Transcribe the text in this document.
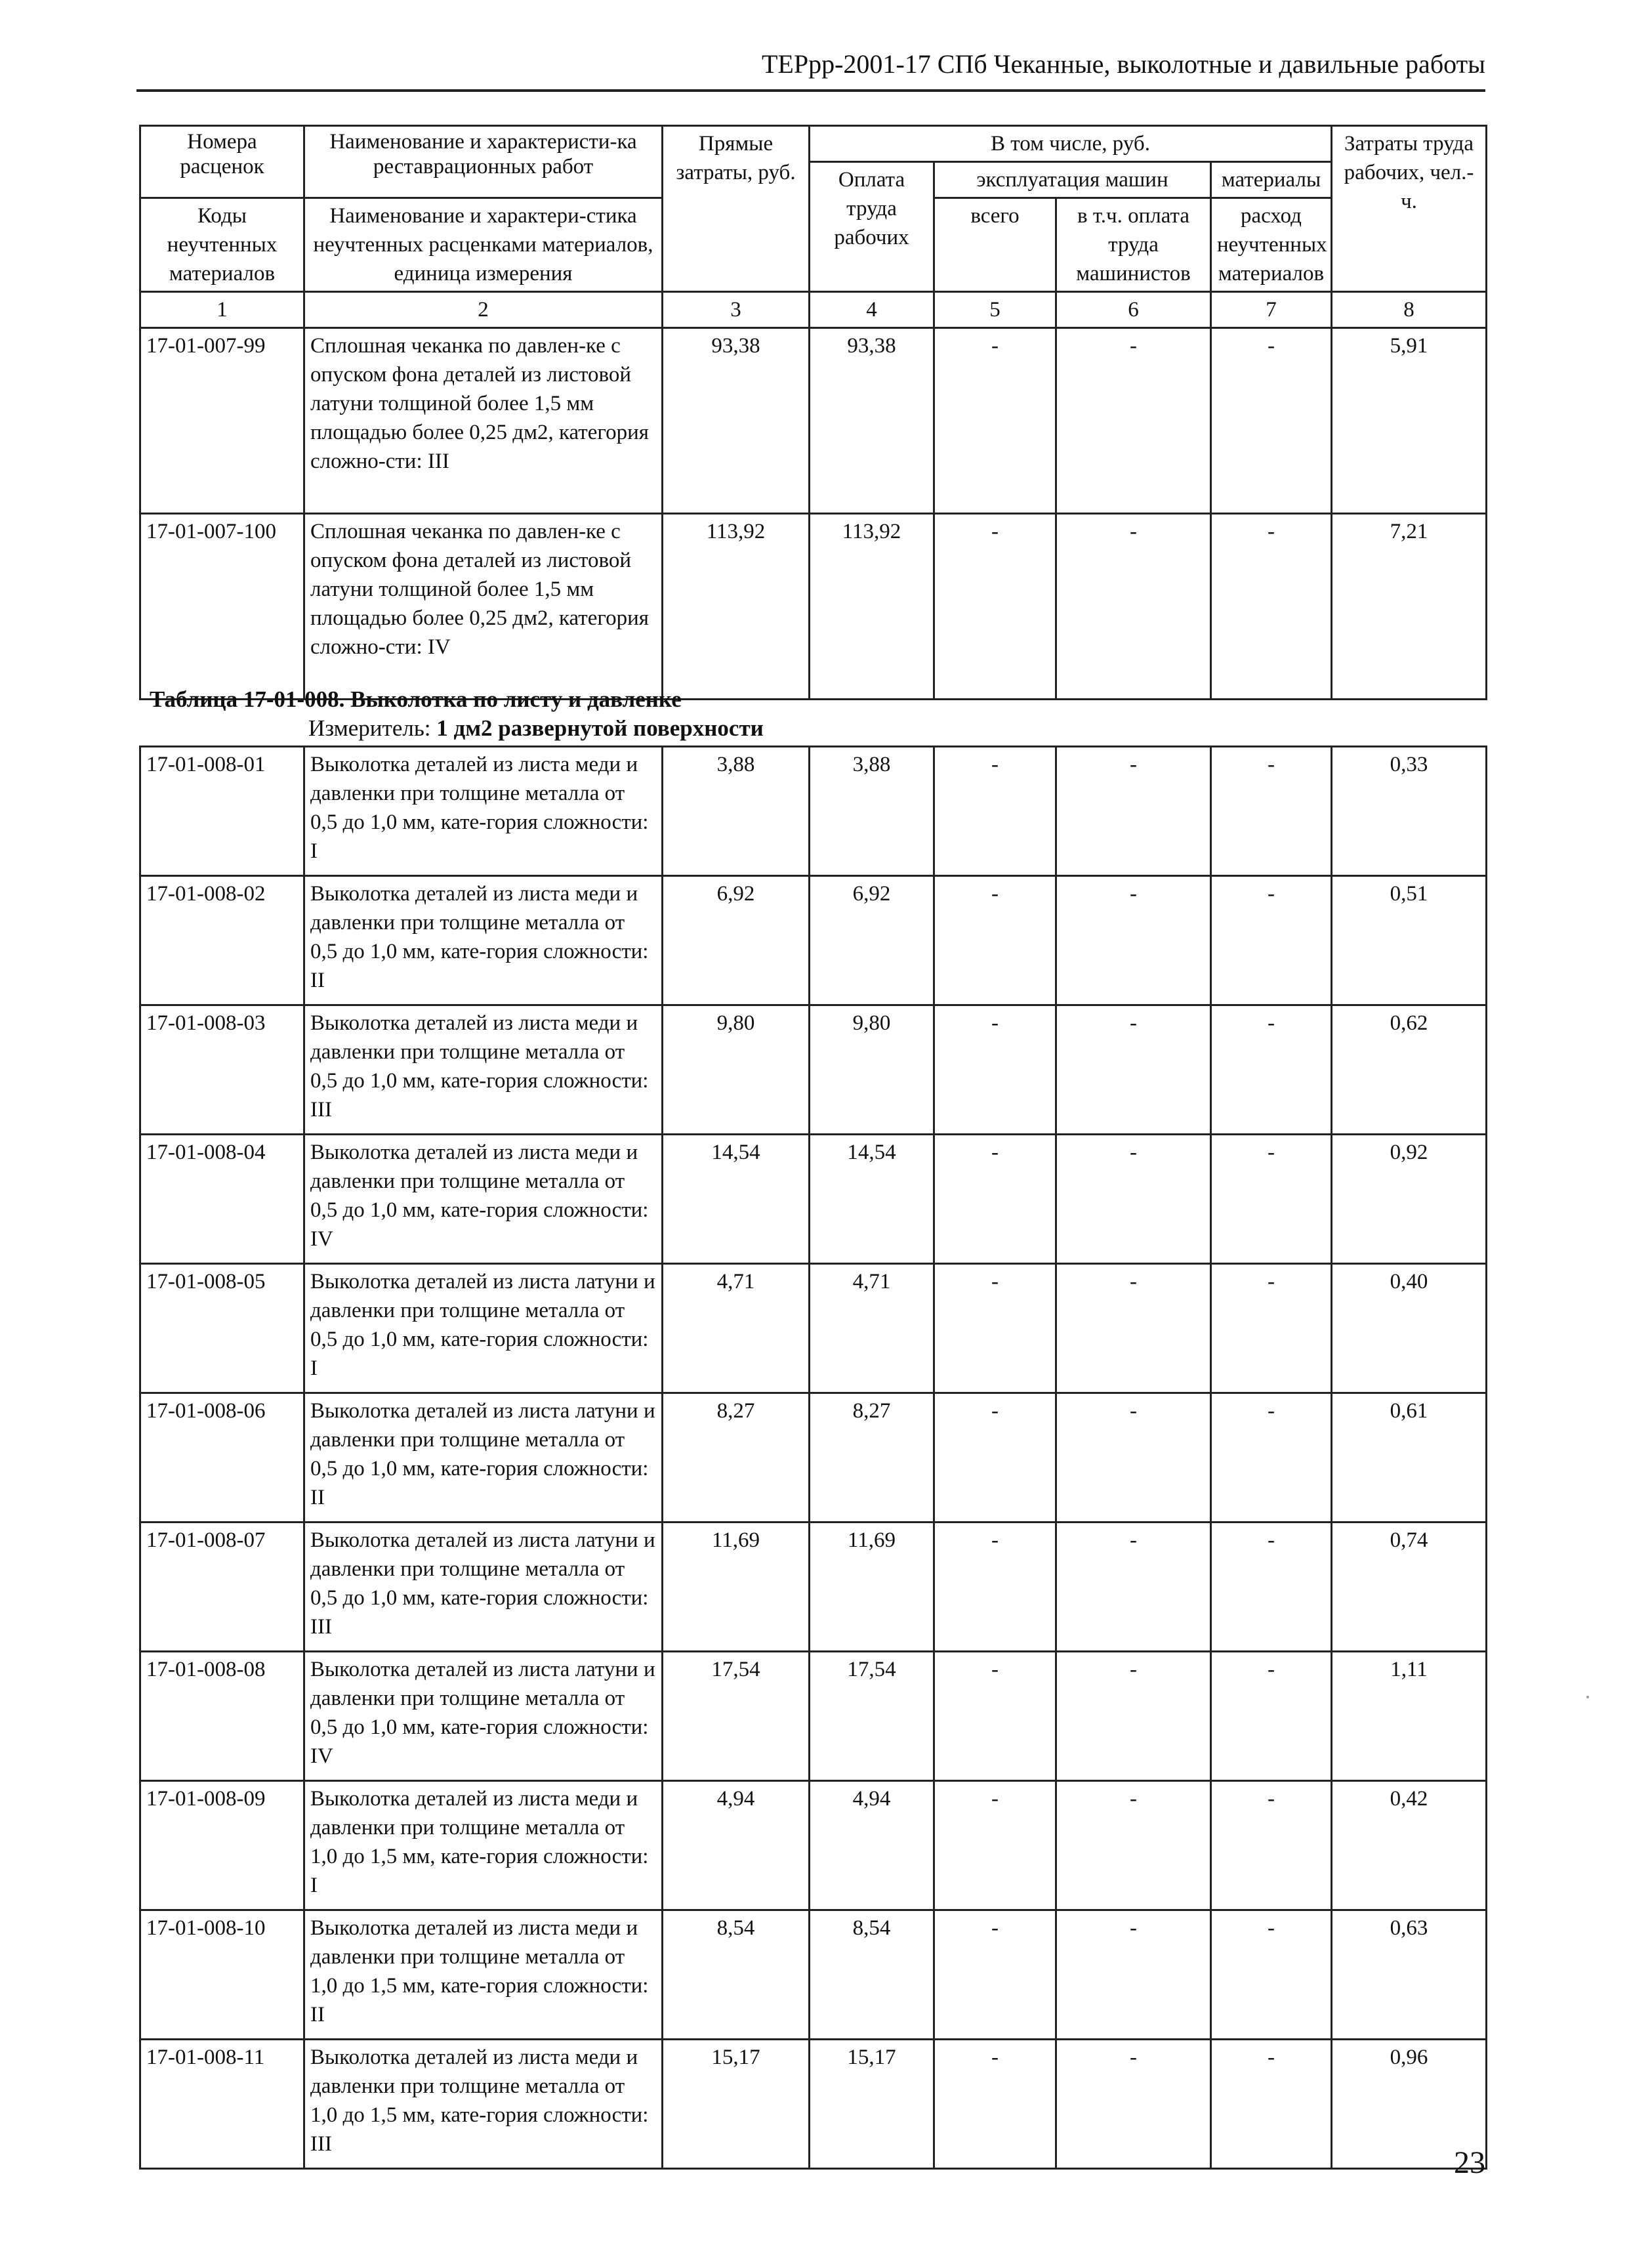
ТЕРрр-2001-17 СПб Чеканные, выколотные и давильные работы
Номера расценок	Наименование и характеристи-ка реставрационных работ	Прямые затраты, руб.	В том числе, руб.				Затраты труда рабочих, чел.-ч.
			Оплата труда рабочих	эксплуатация машин		материалы	
Коды неучтенных материалов	Наименование и характери-стика неучтенных расценками материалов, единица измерения			всего	в т.ч. оплата труда машинистов	расход неучтенных материалов	
1	2	3	4	5	6	7	8
17-01-007-99	Сплошная чеканка по давлен-ке с опуском фона деталей из листовой латуни толщиной более 1,5 мм площадью более 0,25 дм2, категория сложно-сти: III	93,38	93,38	-	-	-	5,91
17-01-007-100	Сплошная чеканка по давлен-ке с опуском фона деталей из листовой латуни толщиной более 1,5 мм площадью более 0,25 дм2, категория сложно-сти: IV	113,92	113,92	-	-	-	7,21
Таблица 17-01-008. Выколотка по листу и давленке
Измеритель: 1 дм2 развернутой поверхности
17-01-008-01	Выколотка деталей из листа меди и давленки при толщине металла от 0,5 до 1,0 мм, кате-гория сложности: I	3,88	3,88	-	-	-	0,33
17-01-008-02	Выколотка деталей из листа меди и давленки при толщине металла от 0,5 до 1,0 мм, кате-гория сложности: II	6,92	6,92	-	-	-	0,51
17-01-008-03	Выколотка деталей из листа меди и давленки при толщине металла от 0,5 до 1,0 мм, кате-гория сложности: III	9,80	9,80	-	-	-	0,62
17-01-008-04	Выколотка деталей из листа меди и давленки при толщине металла от 0,5 до 1,0 мм, кате-гория сложности: IV	14,54	14,54	-	-	-	0,92
17-01-008-05	Выколотка деталей из листа латуни и давленки при толщине металла от 0,5 до 1,0 мм, кате-гория сложности: I	4,71	4,71	-	-	-	0,40
17-01-008-06	Выколотка деталей из листа латуни и давленки при толщине металла от 0,5 до 1,0 мм, кате-гория сложности: II	8,27	8,27	-	-	-	0,61
17-01-008-07	Выколотка деталей из листа латуни и давленки при толщине металла от 0,5 до 1,0 мм, кате-гория сложности: III	11,69	11,69	-	-	-	0,74
17-01-008-08	Выколотка деталей из листа латуни и давленки при толщине металла от 0,5 до 1,0 мм, кате-гория сложности: IV	17,54	17,54	-	-	-	1,11
17-01-008-09	Выколотка деталей из листа меди и давленки при толщине металла от 1,0 до 1,5 мм, кате-гория сложности: I	4,94	4,94	-	-	-	0,42
17-01-008-10	Выколотка деталей из листа меди и давленки при толщине металла от 1,0 до 1,5 мм, кате-гория сложности: II	8,54	8,54	-	-	-	0,63
17-01-008-11	Выколотка деталей из листа меди и давленки при толщине металла от 1,0 до 1,5 мм, кате-гория сложности: III	15,17	15,17	-	-	-	0,96
23
